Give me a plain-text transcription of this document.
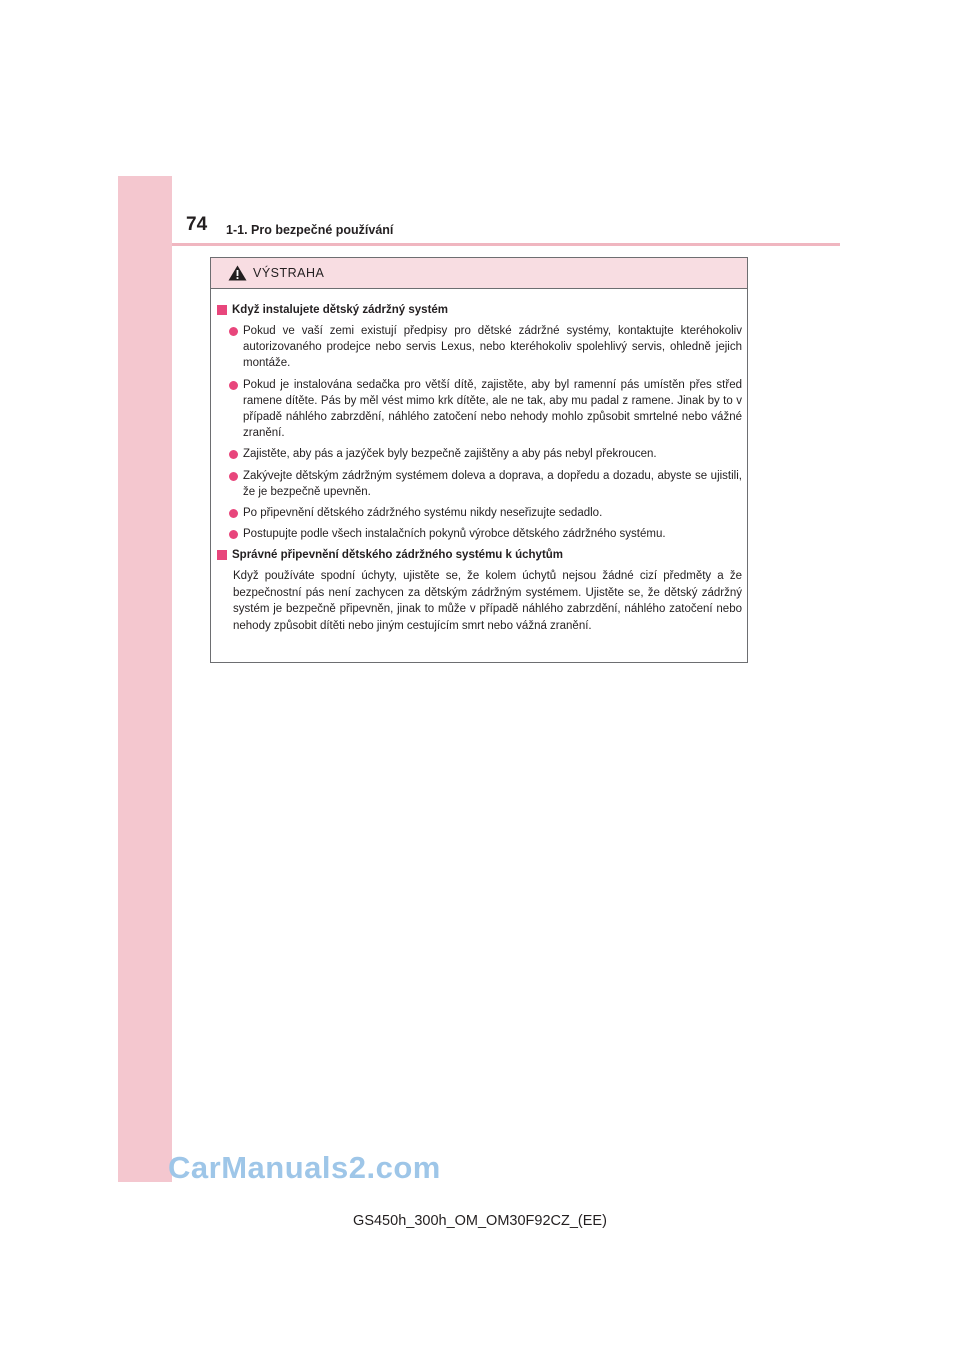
74 1-1. Pro bezpečné používání
VÝSTRAHA
Když instalujete dětský zádržný systém
Pokud ve vaší zemi existují předpisy pro dětské zádržné systémy, kontaktujte kteréhokoliv autorizovaného prodejce nebo servis Lexus, nebo kteréhokoliv spolehlivý servis, ohledně jejich montáže.
Pokud je instalována sedačka pro větší dítě, zajistěte, aby byl ramenní pás umístěn přes střed ramene dítěte. Pás by měl vést mimo krk dítěte, ale ne tak, aby mu padal z ramene. Jinak by to v případě náhlého zabrzdění, náhlého zatočení nebo nehody mohlo způsobit smrtelné nebo vážné zranění.
Zajistěte, aby pás a jazýček byly bezpečně zajištěny a aby pás nebyl překroucen.
Zakývejte dětským zádržným systémem doleva a doprava, a dopředu a dozadu, abyste se ujistili, že je bezpečně upevněn.
Po připevnění dětského zádržného systému nikdy neseřizujte sedadlo.
Postupujte podle všech instalačních pokynů výrobce dětského zádržného systému.
Správné připevnění dětského zádržného systému k úchytům
Když používáte spodní úchyty, ujistěte se, že kolem úchytů nejsou žádné cizí předměty a že bezpečnostní pás není zachycen za dětským zádržným systémem. Ujistěte se, že dětský zádržný systém je bezpečně připevněn, jinak to může v případě náhlého zabrzdění, náhlého zatočení nebo nehody způsobit dítěti nebo jiným cestujícím smrt nebo vážná zranění.
CarManuals2.com
GS450h_300h_OM_OM30F92CZ_(EE)
